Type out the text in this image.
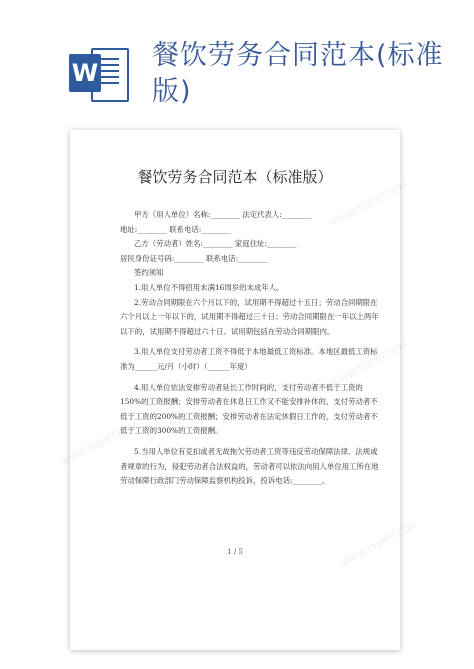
W
餐饮劳务合同范本(标准版)
餐饮劳务合同范本（标准版）

甲方（用人单位）名称:________ 法定代表人:________

地址:________ 联系电话:________

乙方（劳动者）姓名:________ 家庭住址:________

居民身份证号码:________ 联系电话:________

签约须知

1.用人单位不得招用未满16周岁的未成年人。

2.劳动合同期限在六个月以下的，试用期不得超过十五日；劳动合同期限在六个月以上一年以下的，试用期不得超过三十日；劳动合同期限在一年以上两年以下的，试用期不得超过六十日。试用期包括在劳动合同期限内。

3.用人单位支付劳动者工资不得低于本地最低工资标准。本地区最低工资标准为______元/月（小时）（______年度）

4.用人单位依法安排劳动者延长工作时间的，支付劳动者不低于工资的150%的工资报酬；安排劳动者在休息日工作又不能安排补休的，支付劳动者不低于工资的200%的工资报酬；安排劳动者在法定休假日工作的，支付劳动者不低于工资的300%的工资报酬。

5.当用人单位有克扣或者无故拖欠劳动者工资等违反劳动保障法律、法规或者规章的行为，侵犯劳动者合法权益的，劳动者可以依法向用人单位用工所在地劳动保障行政部门劳动保障监察机构投诉，投诉电话:________。

1 / 5
WWW.YYJJPPT.COM
WWW.YYJJPPT.COM
WWW.YYJJPPT.COM
WWW.YYJJPPT.COM
